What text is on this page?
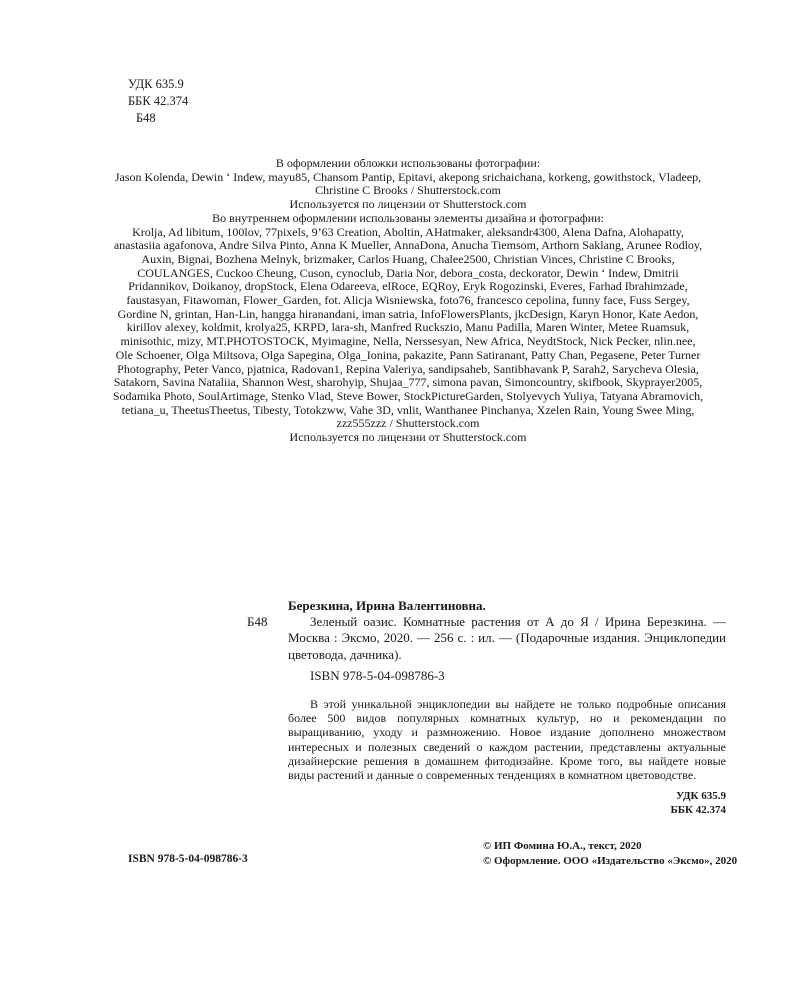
УДК 635.9
ББК 42.374
Б48

В оформлении обложки использованы фотографии:

Jason Kolenda, Dewin ‘ Indew, mayu85, Chansom Pantip, Epitavi, akepong srichaichana, korkeng, gowithstock, Vladeep, Christine C Brooks / Shutterstock.com

Используется по лицензии от Shutterstock.com

Во внутреннем оформлении использованы элементы дизайна и фотографии:

Krolja, Ad libitum, 100lov, 77pixels, 9’63 Creation, Aboltin, AHatmaker, aleksandr4300, Alena Dafna, Alohapatty, anastasiia agafonova, Andre Silva Pinto, Anna K Mueller, AnnaDona, Anucha Tiemsom, Arthorn Saklang, Arunee Rodloy, Auxin, Bignai, Bozhena Melnyk, brizmaker, Carlos Huang, Chalee2500, Christian Vinces, Christine C Brooks, COULANGES, Cuckoo Cheung, Cuson, cynoclub, Daria Nor, debora_costa, deckorator, Dewin ‘ Indew, Dmitrii Pridannikov, Doikanoy, dropStock, Elena Odareeva, elRoce, EQRoy, Eryk Rogozinski, Everes, Farhad Ibrahimzade, faustasyan, Fitawoman, Flower_Garden, fot. Alicja Wisniewska, foto76, francesco cepolina, funny face, Fuss Sergey, Gordine N, grintan, Han-Lin, hangga hiranandani, iman satria, InfoFlowersPlants, jkcDesign, Karyn Honor, Kate Aedon, kirillov alexey, koldmit, krolya25, KRPD, lara-sh, Manfred Ruckszio, Manu Padilla, Maren Winter, Metee Ruamsuk, minisothic, mizy, MT.PHOTOSTOCK, Myimagine, Nella, Nerssesyan, New Africa, NeydtStock, Nick Pecker, nlin.nee, Ole Schoener, Olga Miltsova, Olga Sapegina, Olga_Ionina, pakazite, Pann Satiranant, Patty Chan, Pegasene, Peter Turner Photography, Peter Vanco, pjatnica, Radovan1, Repina Valeriya, sandipsaheb, Santibhavank P, Sarah2, Sarycheva Olesia, Satakorn, Savina Nataliia, Shannon West, sharohyip, Shujaa_777, simona pavan, Simoncountry, skifbook, Skyprayer2005, Sodamika Photo, SoulArtimage, Stenko Vlad, Steve Bower, StockPictureGarden, Stolyevych Yuliya, Tatyana Abramovich, tetiana_u, TheetusTheetus, Tibesty, Totokzww, Vahe 3D, vnlit, Wanthanee Pinchanya, Xzelen Rain, Young Swee Ming, zzz555zzz / Shutterstock.com

Используется по лицензии от Shutterstock.com

Б48
Березкина, Ирина Валентиновна.
Зеленый оазис. Комнатные растения от А до Я / Ирина Березкина. — Москва : Эксмо, 2020. — 256 с. : ил. — (Подарочные издания. Энциклопедии цветовода, дачника).
ISBN 978-5-04-098786-3
В этой уникальной энциклопедии вы найдете не только подробные описания более 500 видов популярных комнатных культур, но и рекомендации по выращиванию, уходу и размножению. Новое издание дополнено множеством интересных и полезных сведений о каждом растении, представлены актуальные дизайнерские решения в домашнем фитодизайне. Кроме того, вы найдете новые виды растений и данные о современных тенденциях в комнатном цветоводстве.
УДК 635.9
ББК 42.374
ISBN 978-5-04-098786-3
© ИП Фомина Ю.А., текст, 2020
© Оформление. ООО «Издательство «Эксмо», 2020
